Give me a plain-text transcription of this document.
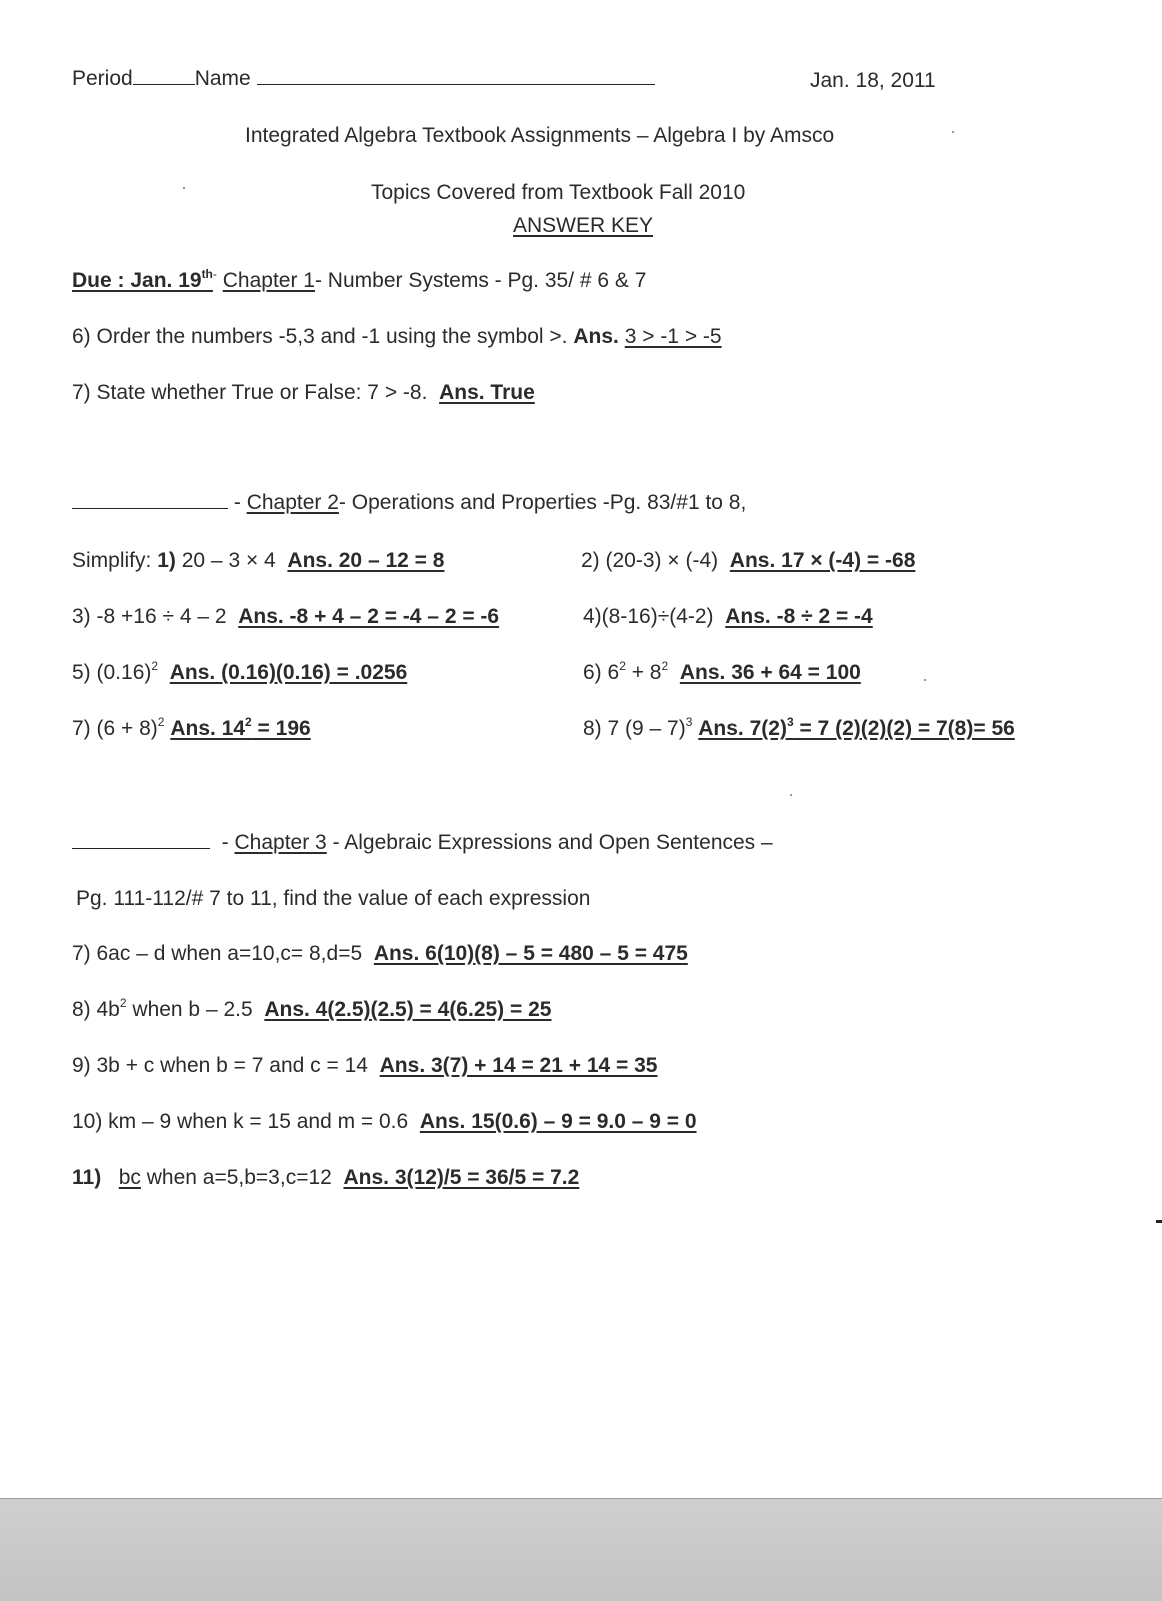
Period	Name	Jan. 18, 2011
Integrated Algebra Textbook Assignments – Algebra I by Amsco
Topics Covered from Textbook Fall 2010
ANSWER KEY
Due : Jan. $19^{th-}$ Chapter 1- Number Systems - Pg. 35/ # 6 & 7
6) Order the numbers -5,3 and -1 using the symbol >. Ans. 3 > -1 > -5
7) State whether True or False: 7 > -8. Ans. True
- Chapter 2- Operations and Properties -Pg. 83/#1 to 8,
Simplify: 1) 20 – 3 × 4 Ans. 20 – 12 = 8	2) (20-3) × (-4) Ans. 17 × (-4) = -68
3) -8 +16 ÷ 4 – 2 Ans. -8 + 4 – 2 = -4 – 2 = -6	4)(8-16)÷(4-2) Ans. -8 ÷ 2 = -4
5) $(0.16)^2$ Ans. (0.16)(0.16) = .0256	6) $6^2 + 8^2$ Ans. 36 + 64 = 100
7) $(6 + 8)^2$ Ans. $14^2 = 196$	8) 7 (9 – 7)$^3$ Ans. $7(2)^3 = 7$ (2)(2)(2) = 7(8)= 56
- Chapter 3 - Algebraic Expressions and Open Sentences –
Pg. 111-112/# 7 to 11, find the value of each expression
7) 6ac – d when a=10,c= 8,d=5 Ans. 6(10)(8) – 5 = 480 – 5 = 475
8) $4b^2$ when b – 2.5 Ans. 4(2.5)(2.5) = 4(6.25) = 25
9) 3b + c when b = 7 and c = 14 Ans. 3(7) + 14 = 21 + 14 = 35
10) km – 9 when k = 15 and m = 0.6 Ans. 15(0.6) – 9 = 9.0 – 9 = 0
11) bc when a=5,b=3,c=12 Ans. 3(12)/5 = 36/5 = 7.2
